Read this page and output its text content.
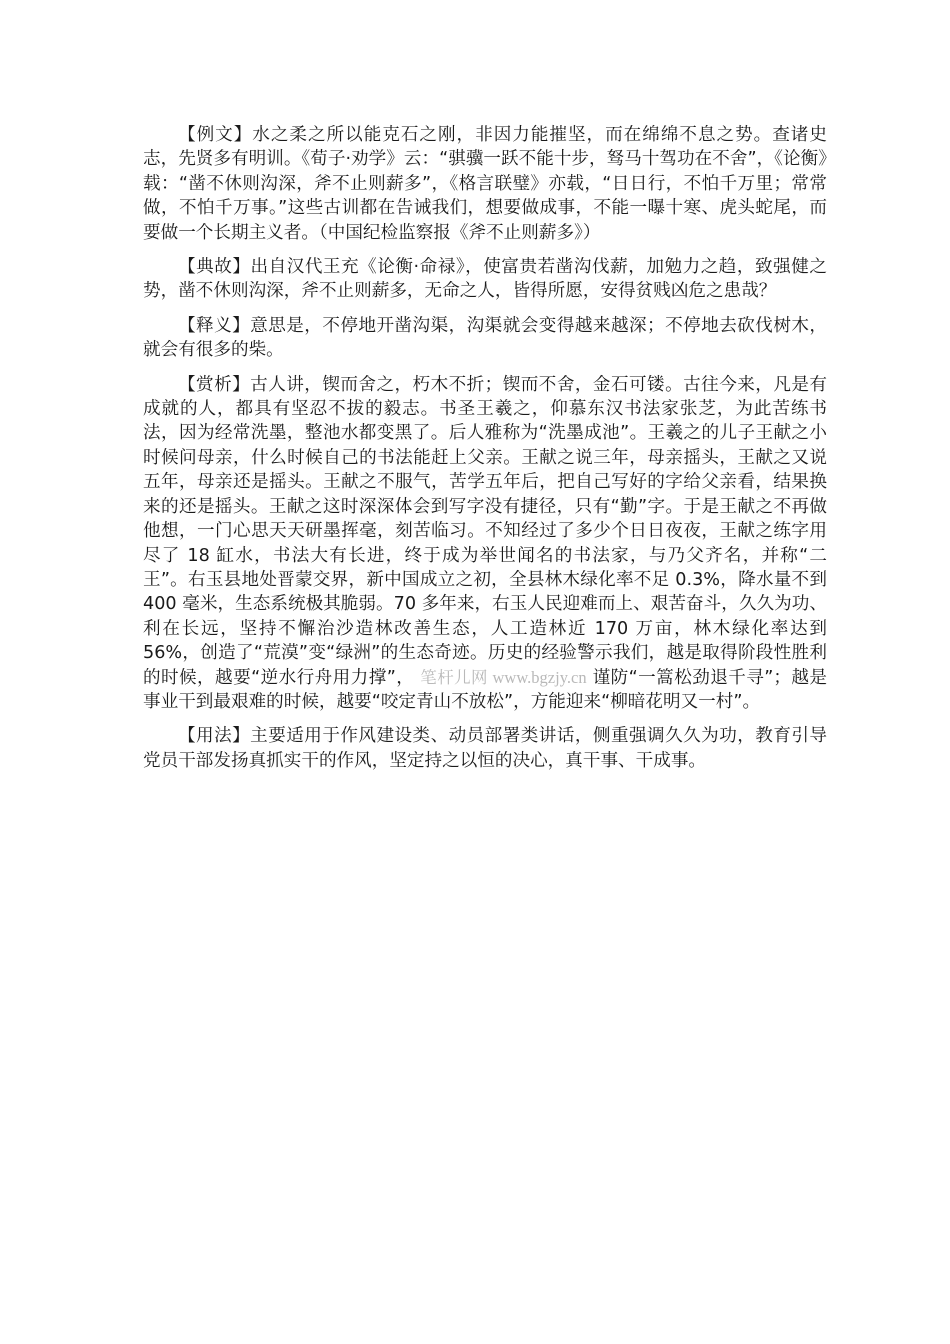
【例文】水之柔之所以能克石之刚，非因力能摧坚，而在绵绵不息之势。查诸史志，先贤多有明训。《荀子·劝学》云：“骐骥一跃不能十步，驽马十驾功在不舍”，《论衡》载：“凿不休则沟深，斧不止则薪多”，《格言联璧》亦载，“日日行，不怕千万里；常常做，不怕千万事。”这些古训都在告诫我们，想要做成事，不能一曝十寒、虎头蛇尾，而要做一个长期主义者。（中国纪检监察报《斧不止则薪多》）

【典故】出自汉代王充《论衡·命禄》，使富贵若凿沟伐薪，加勉力之趋，致强健之势，凿不休则沟深，斧不止则薪多，无命之人，皆得所愿，安得贫贱凶危之患哉？

【释义】意思是，不停地开凿沟渠，沟渠就会变得越来越深；不停地去砍伐树木，就会有很多的柴。

【赏析】古人讲，锲而舍之，朽木不折；锲而不舍，金石可镂。古往今来，凡是有成就的人，都具有坚忍不拔的毅志。书圣王羲之，仰慕东汉书法家张芝，为此苦练书法，因为经常洗墨，整池水都变黑了。后人雅称为“洗墨成池”。王羲之的儿子王献之小时候问母亲，什么时候自己的书法能赶上父亲。王献之说三年，母亲摇头，王献之又说五年，母亲还是摇头。王献之不服气，苦学五年后，把自己写好的字给父亲看，结果换来的还是摇头。王献之这时深深体会到写字没有捷径，只有“勤”字。于是王献之不再做他想，一门心思天天研墨挥毫，刻苦临习。不知经过了多少个日日夜夜，王献之练字用尽了 18 缸水，书法大有长进，终于成为举世闻名的书法家，与乃父齐名，并称“二王”。右玉县地处晋蒙交界，新中国成立之初，全县林木绿化率不足 0.3%，降水量不到 400 毫米，生态系统极其脆弱。70 多年来，右玉人民迎难而上、艰苦奋斗，久久为功、利在长远，坚持不懈治沙造林改善生态，人工造林近 170 万亩，林木绿化率达到 56%，创造了“荒漠”变“绿洲”的生态奇迹。历史的经验警示我们，越是取得阶段性胜利的时候，越要“逆水行舟用力撑”， 笔杆儿网 www.bgzjy.cn 谨防“一篙松劲退千寻”；越是事业干到最艰难的时候，越要“咬定青山不放松”，方能迎来“柳暗花明又一村”。

【用法】主要适用于作风建设类、动员部署类讲话，侧重强调久久为功，教育引导党员干部发扬真抓实干的作风，坚定持之以恒的决心，真干事、干成事。
